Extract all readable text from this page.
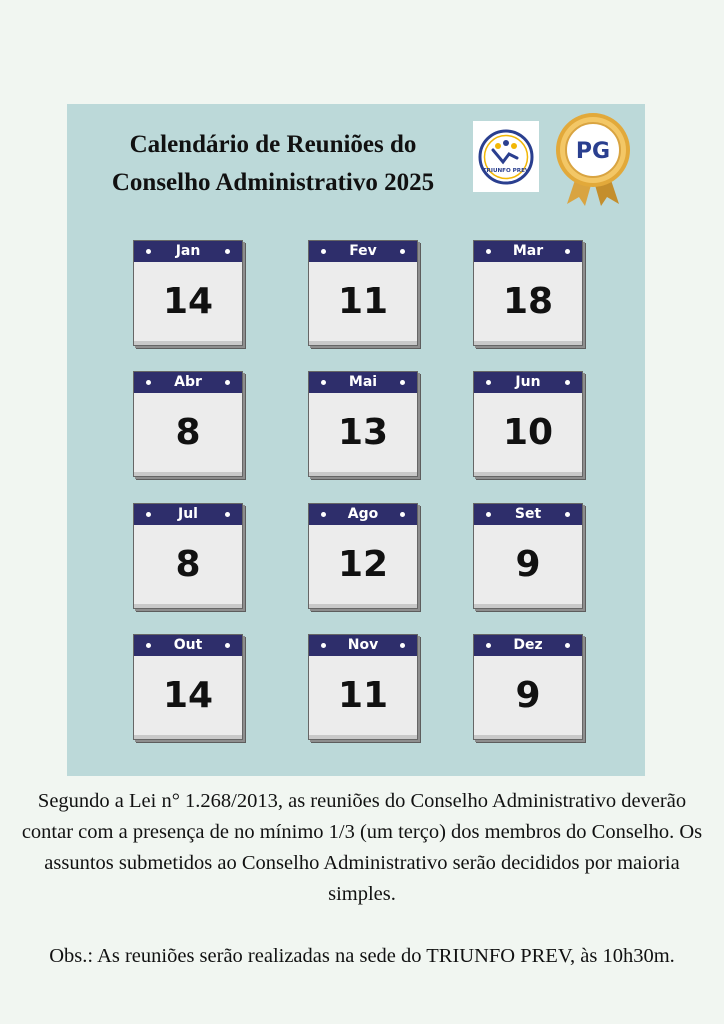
Calendário de Reuniões do
Conselho Administrativo 2025	TRIUNFO PREV
PG
Jan
14
Fev
11
Mar
18
Abr
8
Mai
13
Jun
10
Jul
8
Ago
12
Set
9
Out
14
Nov
11
Dez
9

Segundo a Lei n° 1.268/2013, as reuniões do Conselho Administrativo deverão contar com a presença de no mínimo 1/3 (um terço) dos membros do Conselho. Os assuntos submetidos ao Conselho Administrativo serão decididos por maioria simples.

Obs.: As reuniões serão realizadas na sede do TRIUNFO PREV, às 10h30m.
